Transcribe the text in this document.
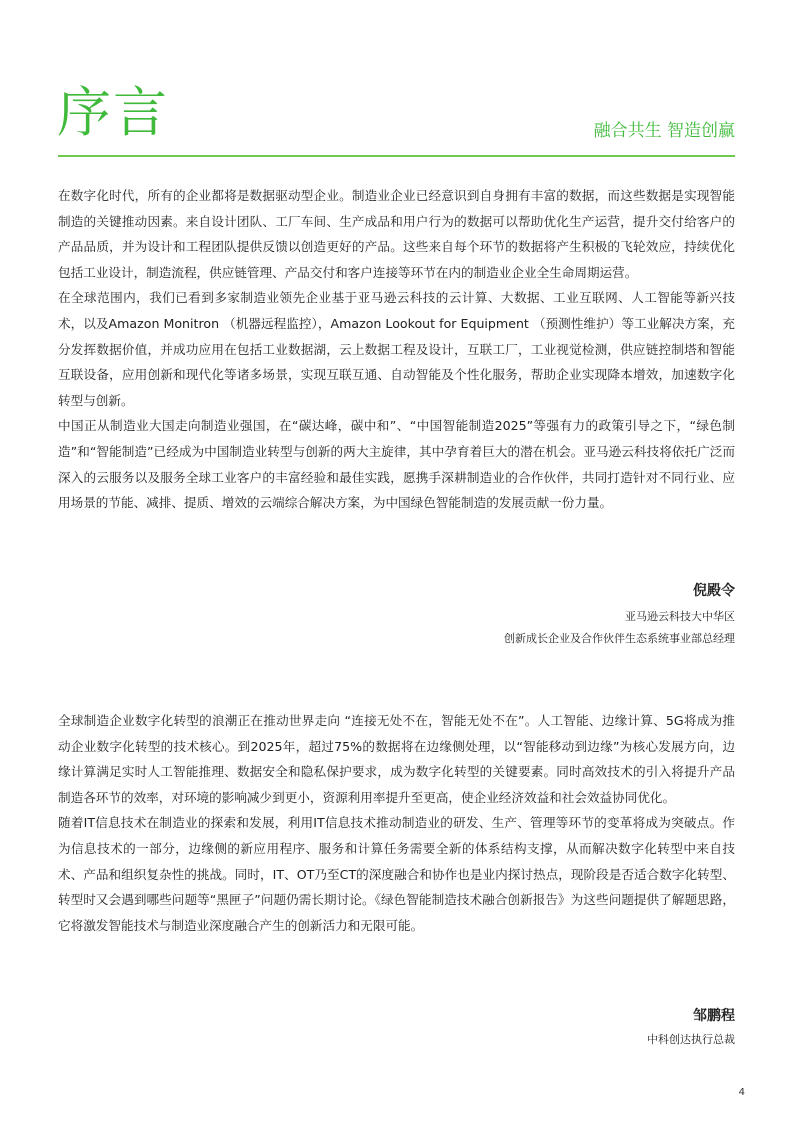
序言	融合共生 智造创赢
在数字化时代，所有的企业都将是数据驱动型企业。制造业企业已经意识到自身拥有丰富的数据，而这些数据是实现智能制造的关键推动因素。来自设计团队、工厂车间、生产成品和用户行为的数据可以帮助优化生产运营，提升交付给客户的产品品质，并为设计和工程团队提供反馈以创造更好的产品。这些来自每个环节的数据将产生积极的飞轮效应，持续优化包括工业设计，制造流程，供应链管理、产品交付和客户连接等环节在内的制造业企业全生命周期运营。
在全球范围内，我们已看到多家制造业领先企业基于亚马逊云科技的云计算、大数据、工业互联网、人工智能等新兴技术，以及Amazon Monitron （机器远程监控），Amazon Lookout for Equipment （预测性维护）等工业解决方案，充分发挥数据价值，并成功应用在包括工业数据湖，云上数据工程及设计，互联工厂，工业视觉检测，供应链控制塔和智能互联设备，应用创新和现代化等诸多场景，实现互联互通、自动智能及个性化服务，帮助企业实现降本增效，加速数字化转型与创新。
中国正从制造业大国走向制造业强国，在“碳达峰，碳中和”、“中国智能制造2025”等强有力的政策引导之下，“绿色制造”和“智能制造”已经成为中国制造业转型与创新的两大主旋律，其中孕育着巨大的潜在机会。亚马逊云科技将依托广泛而深入的云服务以及服务全球工业客户的丰富经验和最佳实践，愿携手深耕制造业的合作伙伴，共同打造针对不同行业、应用场景的节能、减排、提质、增效的云端综合解决方案，为中国绿色智能制造的发展贡献一份力量。
倪殿令
亚马逊云科技大中华区
创新成长企业及合作伙伴生态系统事业部总经理
全球制造企业数字化转型的浪潮正在推动世界走向 “连接无处不在，智能无处不在”。人工智能、边缘计算、5G将成为推动企业数字化转型的技术核心。到2025年，超过75%的数据将在边缘侧处理，以“智能移动到边缘”为核心发展方向，边缘计算满足实时人工智能推理、数据安全和隐私保护要求，成为数字化转型的关键要素。同时高效技术的引入将提升产品制造各环节的效率，对环境的影响减少到更小，资源利用率提升至更高，使企业经济效益和社会效益协同优化。
随着IT信息技术在制造业的探索和发展，利用IT信息技术推动制造业的研发、生产、管理等环节的变革将成为突破点。作为信息技术的一部分，边缘侧的新应用程序、服务和计算任务需要全新的体系结构支撑，从而解决数字化转型中来自技术、产品和组织复杂性的挑战。同时，IT、OT乃至CT的深度融合和协作也是业内探讨热点，现阶段是否适合数字化转型、转型时又会遇到哪些问题等“黑匣子”问题仍需长期讨论。《绿色智能制造技术融合创新报告》为这些问题提供了解题思路，它将激发智能技术与制造业深度融合产生的创新活力和无限可能。
邹鹏程
中科创达执行总裁
4
